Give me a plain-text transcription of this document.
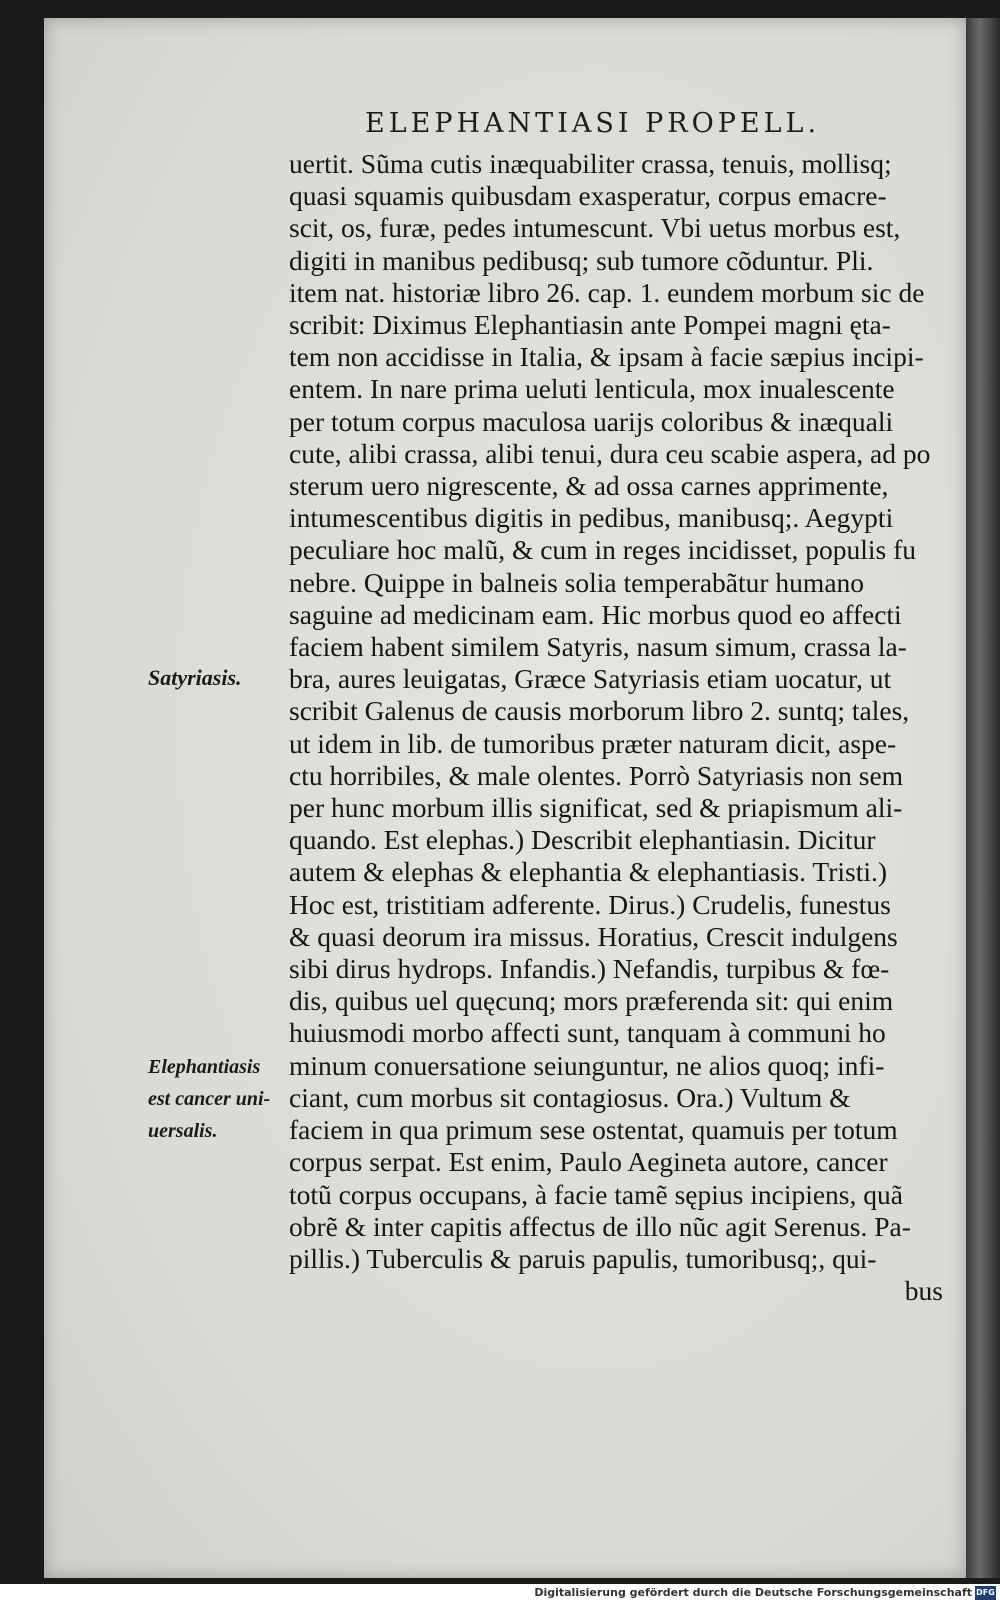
ELEPHANTIASI PROPELL.
Satyriasis.
Elephantiasis
est cancer uni-
uersalis.
uertit. Sũma cutis inæquabiliter crassa, tenuis, mollisq;
quasi squamis quibusdam exasperatur, corpus emacre-
scit, os, furæ, pedes intumescunt. Vbi uetus morbus est,
digiti in manibus pedibusq; sub tumore cõduntur. Pli.
item nat. historiæ libro 26. cap. 1. eundem morbum sic de
scribit: Diximus Elephantiasin ante Pompei magni ęta-
tem non accidisse in Italia, & ipsam à facie sæpius incipi-
entem. In nare prima ueluti lenticula, mox inualescente
per totum corpus maculosa uarijs coloribus & inæquali
cute, alibi crassa, alibi tenui, dura ceu scabie aspera, ad po
sterum uero nigrescente, & ad ossa carnes apprimente,
intumescentibus digitis in pedibus, manibusq;. Aegypti
peculiare hoc malũ, & cum in reges incidisset, populis fu
nebre. Quippe in balneis solia temperabãtur humano
saguine ad medicinam eam. Hic morbus quod eo affecti
faciem habent similem Satyris, nasum simum, crassa la-
bra, aures leuigatas, Græce Satyriasis etiam uocatur, ut
scribit Galenus de causis morborum libro 2. suntq; tales,
ut idem in lib. de tumoribus præter naturam dicit, aspe-
ctu horribiles, & male olentes. Porrò Satyriasis non sem
per hunc morbum illis significat, sed & priapismum ali-
quando. Est elephas.) Describit elephantiasin. Dicitur
autem & elephas & elephantia & elephantiasis. Tristi.)
Hoc est, tristitiam adferente. Dirus.) Crudelis, funestus
& quasi deorum ira missus. Horatius, Crescit indulgens
sibi dirus hydrops. Infandis.) Nefandis, turpibus & fœ-
dis, quibus uel quęcunq; mors præferenda sit: qui enim
huiusmodi morbo affecti sunt, tanquam à communi ho
minum conuersatione seiunguntur, ne alios quoq; infi-
ciant, cum morbus sit contagiosus. Ora.) Vultum &
faciem in qua primum sese ostentat, quamuis per totum
corpus serpat. Est enim, Paulo Aegineta autore, cancer
totũ corpus occupans, à facie tamẽ sępius incipiens, quã
obrẽ & inter capitis affectus de illo nũc agit Serenus. Pa-
pillis.) Tuberculis & paruis papulis, tumoribusq;, qui-
bus
Digitalisierung gefördert durch die Deutsche Forschungsgemeinschaft DFG
